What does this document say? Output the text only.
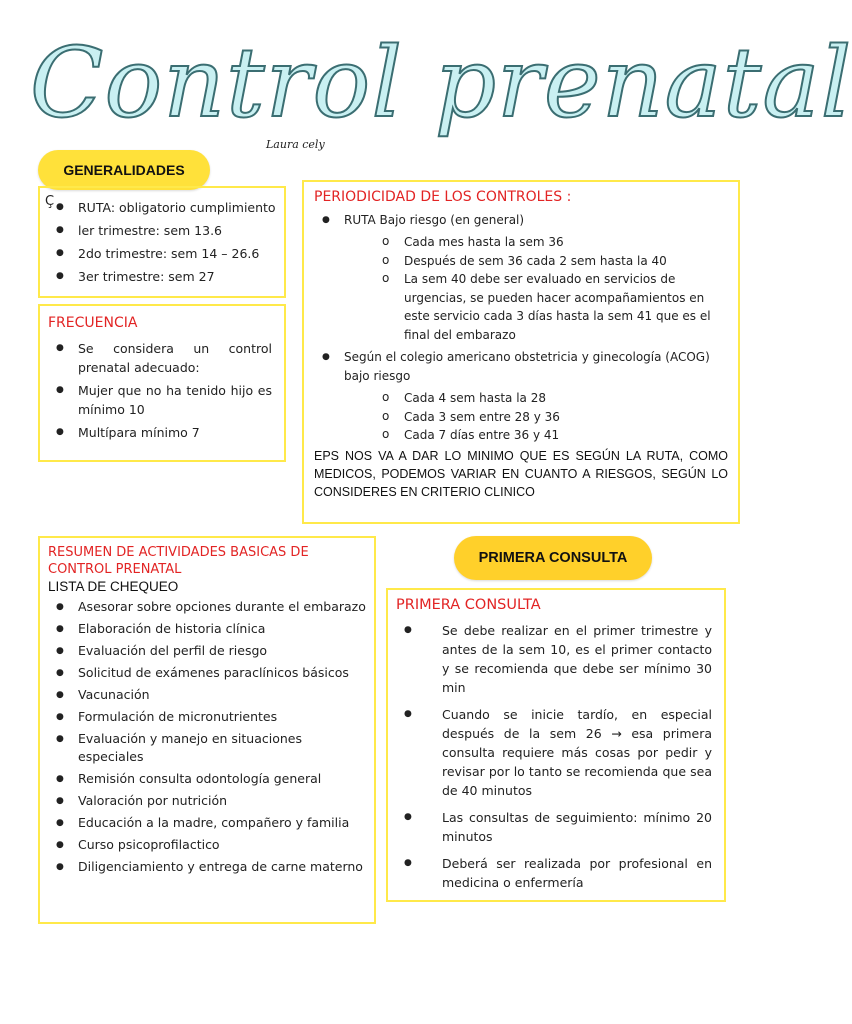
Control prenatal
Laura cely
GENERALIDADES
Ç
●	RUTA: obligatorio cumplimiento
● ler trimestre: sem 13.6
● 2do trimestre: sem 14 – 26.6
● 3er trimestre: sem 27

FRECUENCIA

● Se considera un control prenatal adecuado:
● Mujer que no ha tenido hijo es mínimo 10
● Multípara mínimo 7

PERIODICIDAD DE LOS CONTROLES :

● RUTA Bajo riesgo (en general)
o Cada mes hasta la sem 36
o Después de sem 36 cada 2 sem hasta la 40
o La sem 40 debe ser evaluado en servicios de urgencias, se pueden hacer acompañamientos en este servicio cada 3 días hasta la sem 41 que es el final del embarazo
● Según el colegio americano obstetricia y ginecología (ACOG) bajo riesgo
o Cada 4 sem hasta la 28
o Cada 3 sem entre 28 y 36
o Cada 7 días entre 36 y 41

EPS NOS VA A DAR LO MINIMO QUE ES SEGÚN LA RUTA, COMO MEDICOS, PODEMOS VARIAR EN CUANTO A RIESGOS, SEGÚN LO CONSIDERES EN CRITERIO CLINICO

RESUMEN DE ACTIVIDADES BASICAS DE CONTROL PRENATAL

LISTA DE CHEQUEO

● Asesorar sobre opciones durante el embarazo
● Elaboración de historia clínica
● Evaluación del perfil de riesgo
● Solicitud de exámenes paraclínicos básicos
● Vacunación
● Formulación de micronutrientes
● Evaluación y manejo en situaciones especiales
● Remisión consulta odontología general
● Valoración por nutrición
● Educación a la madre, compañero y familia
● Curso psicoprofilactico
● Diligenciamiento y entrega de carne materno
PRIMERA CONSULTA

PRIMERA CONSULTA

● Se debe realizar en el primer trimestre y antes de la sem 10, es el primer contacto y se recomienda que debe ser mínimo 30 min
● Cuando se inicie tardío, en especial después de la sem 26 → esa primera consulta requiere más cosas por pedir y revisar por lo tanto se recomienda que sea de 40 minutos
● Las consultas de seguimiento: mínimo 20 minutos
● Deberá ser realizada por profesional en medicina o enfermería
